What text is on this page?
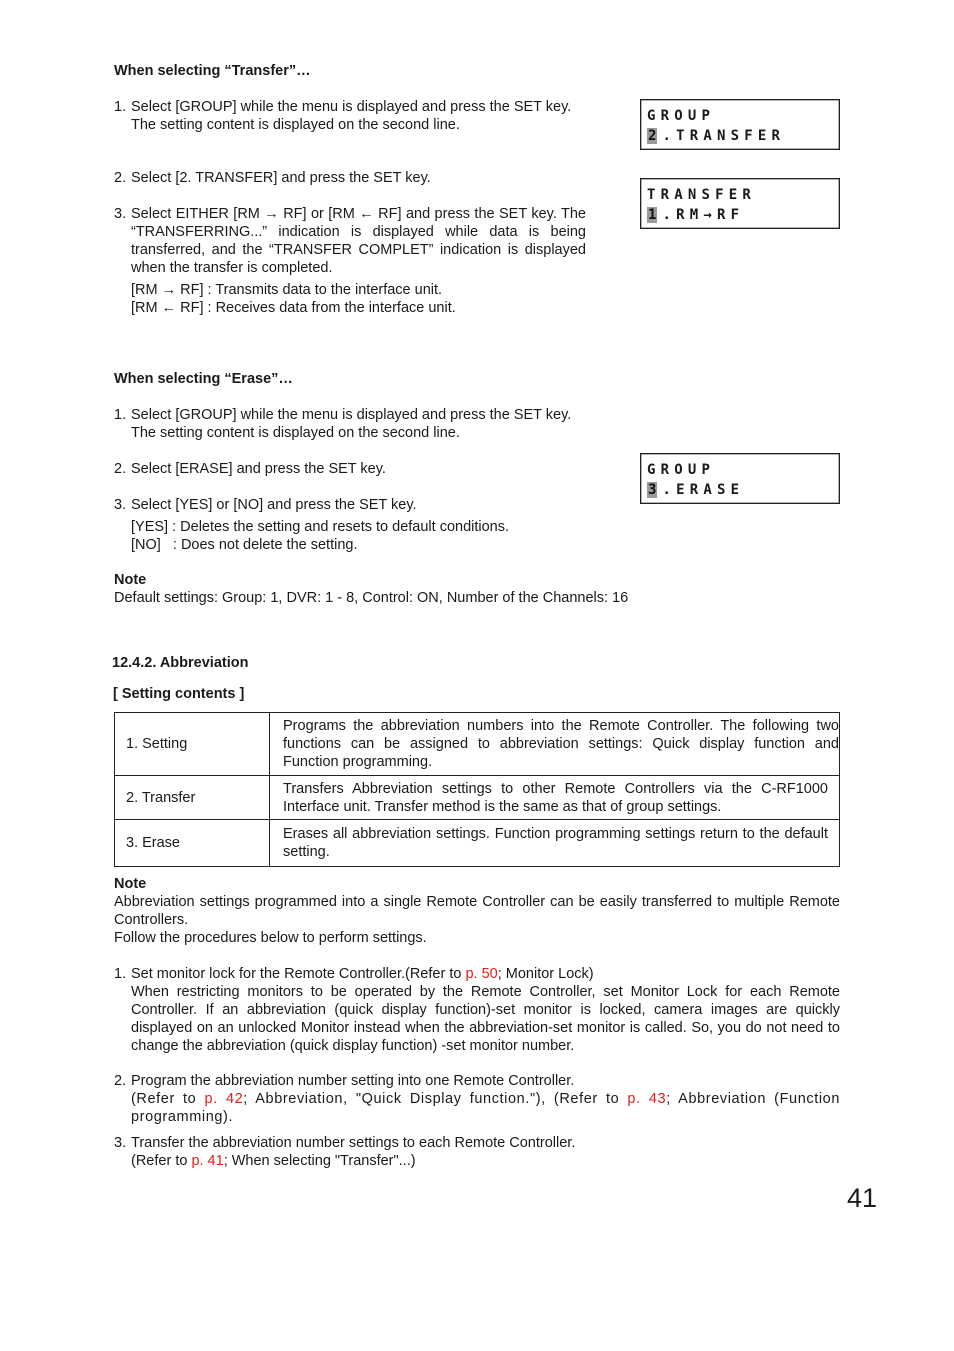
When selecting “Transfer”…
1. Select [GROUP] while the menu is displayed and press the SET key.
The setting content is displayed on the second line.
2. Select [2. TRANSFER] and press the SET key.
3. Select EITHER [RM → RF] or [RM ← RF] and press the SET key. The “TRANSFERRING...” indication is displayed while data is being transferred, and the “TRANSFER COMPLET” indication is displayed when the transfer is completed.
[RM → RF] : Transmits data to the interface unit.
[RM ← RF] : Receives data from the interface unit.
GROUP
2 .TRANSFER
TRANSFER
1 .RM→RF
GROUP
3 .ERASE
When selecting “Erase”…
1. Select [GROUP] while the menu is displayed and press the SET key.
The setting content is displayed on the second line.
2. Select [ERASE] and press the SET key.
3. Select [YES] or [NO] and press the SET key.
[YES] : Deletes the setting and resets to default conditions.
[NO]   : Does not delete the setting.
Note
Default settings: Group: 1, DVR: 1 - 8, Control: ON, Number of the Channels: 16
12.4.2. Abbreviation
[ Setting contents ]
1. Setting	Programs the abbreviation numbers into the Remote Controller. The following two functions can be assigned to abbreviation settings: Quick display function and Function programming.
2. Transfer	Transfers Abbreviation settings to other Remote Controllers via the C-RF1000 Interface unit. Transfer method is the same as that of group settings.
3. Erase	Erases all abbreviation settings. Function programming settings return to the default setting.
Note
Abbreviation settings programmed into a single Remote Controller can be easily transferred to multiple Remote Controllers.
Follow the procedures below to perform settings.
1. Set monitor lock for the Remote Controller.(Refer to p. 50; Monitor Lock)
When restricting monitors to be operated by the Remote Controller, set Monitor Lock for each Remote Controller. If an abbreviation (quick display function)-set monitor is locked, camera images are quickly displayed on an unlocked Monitor instead when the abbreviation-set monitor is called. So, you do not need to change the abbreviation (quick display function) -set monitor number.
2. Program the abbreviation number setting into one Remote Controller.
(Refer to p. 42; Abbreviation, "Quick Display function."), (Refer to p. 43; Abbreviation (Function programming).
3. Transfer the abbreviation number settings to each Remote Controller.
(Refer to p. 41; When selecting "Transfer"...)
41
